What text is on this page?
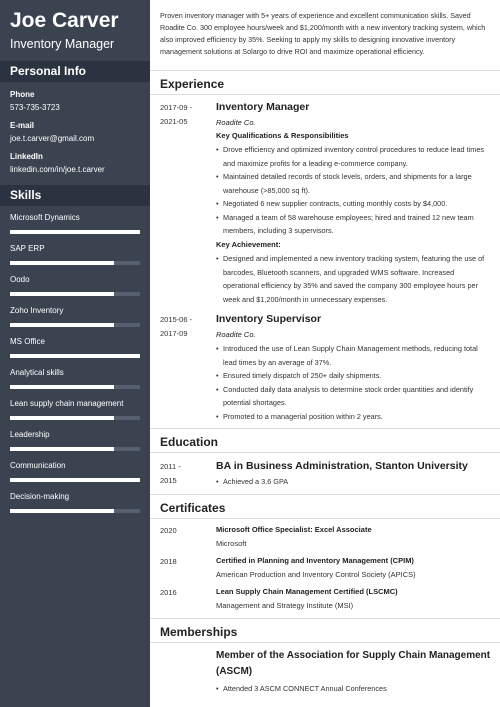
Joe Carver
Inventory Manager
Personal Info
Phone
573-735-3723
E-mail
joe.t.carver@gmail.com
LinkedIn
linkedin.com/in/joe.t.carver
Skills
Microsoft Dynamics
SAP ERP
Oodo
Zoho Inventory
MS Office
Analytical skills
Lean supply chain management
Leadership
Communication
Decision-making

Proven inventory manager with 5+ years of experience and excellent communication skills. Saved Roadite Co. 300 employee hours/week and $1,200/month with a new inventory tracking system, which also improved efficiency by 35%. Seeking to apply my skills to designing innovative inventory management solutions at Solargo to drive ROI and maximize operational efficiency.

Experience
2017-09 -
2021-05
Inventory Manager
Roadite Co.
Key Qualifications & Responsibilities
• Drove efficiency and optimized inventory control procedures to reduce lead times and maximize profits for a leading e-commerce company.
• Maintained detailed records of stock levels, orders, and shipments for a large warehouse (>85,000 sq ft).
• Negotiated 6 new supplier contracts, cutting monthly costs by $4,000.
• Managed a team of 58 warehouse employees; hired and trained 12 new team members, including 3 supervisors.
Key Achievement:
• Designed and implemented a new inventory tracking system, featuring the use of barcodes, Bluetooth scanners, and upgraded WMS software. Increased operational efficiency by 35% and saved the company 300 employee hours per week and $1,200/month in unnecessary expenses.
2015-06 -
2017-09
Inventory Supervisor
Roadite Co.
• Introduced the use of Lean Supply Chain Management methods, reducing total lead times by an average of 37%.
• Ensured timely dispatch of 250+ daily shipments.
• Conducted daily data analysis to determine stock order quantities and identify potential shortages.
• Promoted to a managerial position within 2 years.
Education
2011 -
2015
BA in Business Administration, Stanton University
• Achieved a 3.6 GPA
Certificates
2020	Microsoft Office Specialist: Excel Associate
Microsoft
2018	Certified in Planning and Inventory Management (CPIM)
American Production and Inventory Control Society (APICS)
2016	Lean Supply Chain Management Certified (LSCMC)
Management and Strategy Institute (MSI)
Memberships
Member of the Association for Supply Chain Management (ASCM)
• Attended 3 ASCM CONNECT Annual Conferences
